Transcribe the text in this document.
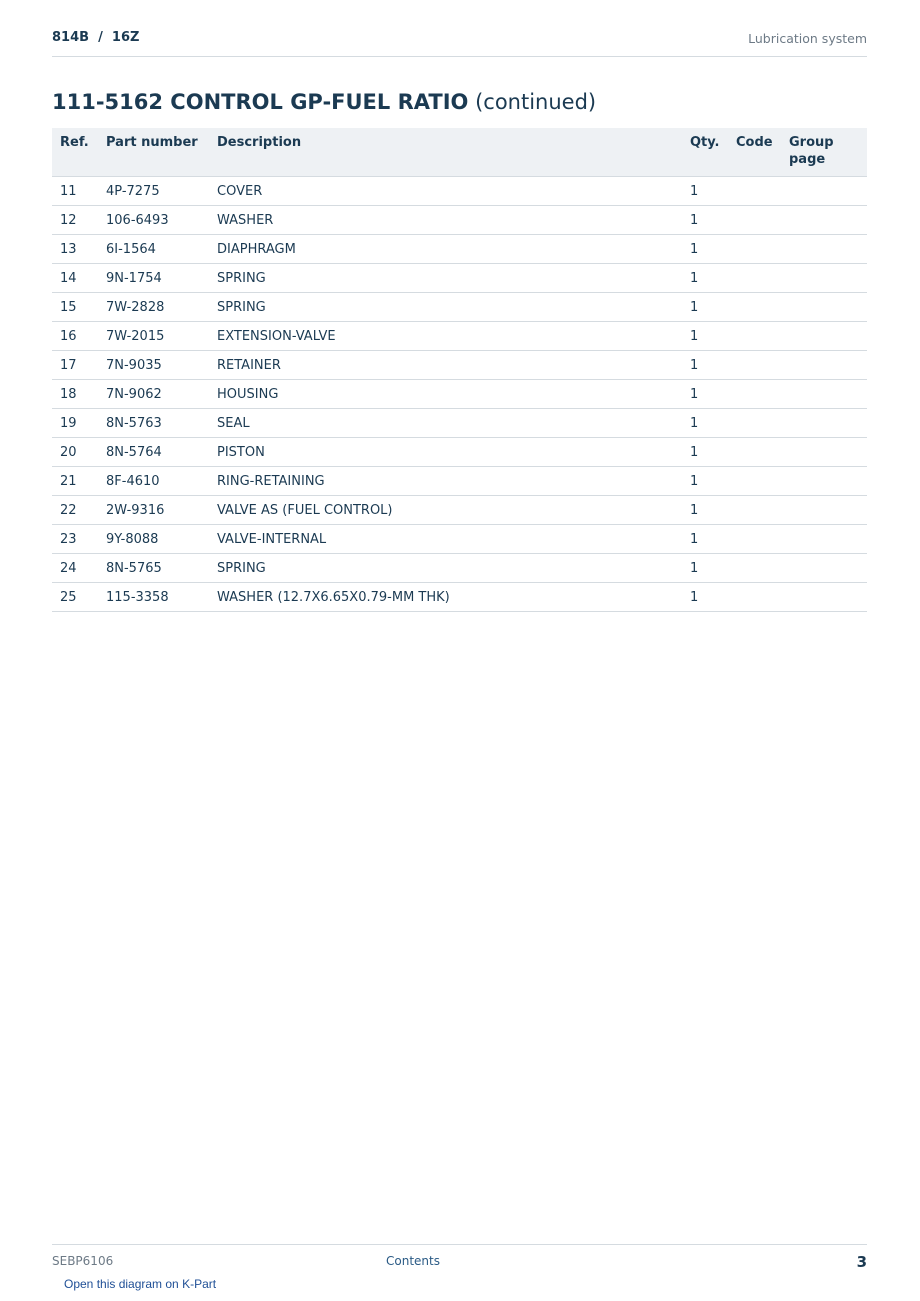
814B  /  16Z	Lubrication system
111-5162 CONTROL GP-FUEL RATIO (continued)
Ref.	Part number	Description	Qty.	Code	Group page
11	4P-7275	COVER	1		
12	106-6493	WASHER	1		
13	6I-1564	DIAPHRAGM	1		
14	9N-1754	SPRING	1		
15	7W-2828	SPRING	1		
16	7W-2015	EXTENSION-VALVE	1		
17	7N-9035	RETAINER	1		
18	7N-9062	HOUSING	1		
19	8N-5763	SEAL	1		
20	8N-5764	PISTON	1		
21	8F-4610	RING-RETAINING	1		
22	2W-9316	VALVE AS (FUEL CONTROL)	1		
23	9Y-8088	VALVE-INTERNAL	1		
24	8N-5765	SPRING	1		
25	115-3358	WASHER (12.7X6.65X0.79-MM THK)	1		
SEBP6106	Contents	3
Open this diagram on K-Part
